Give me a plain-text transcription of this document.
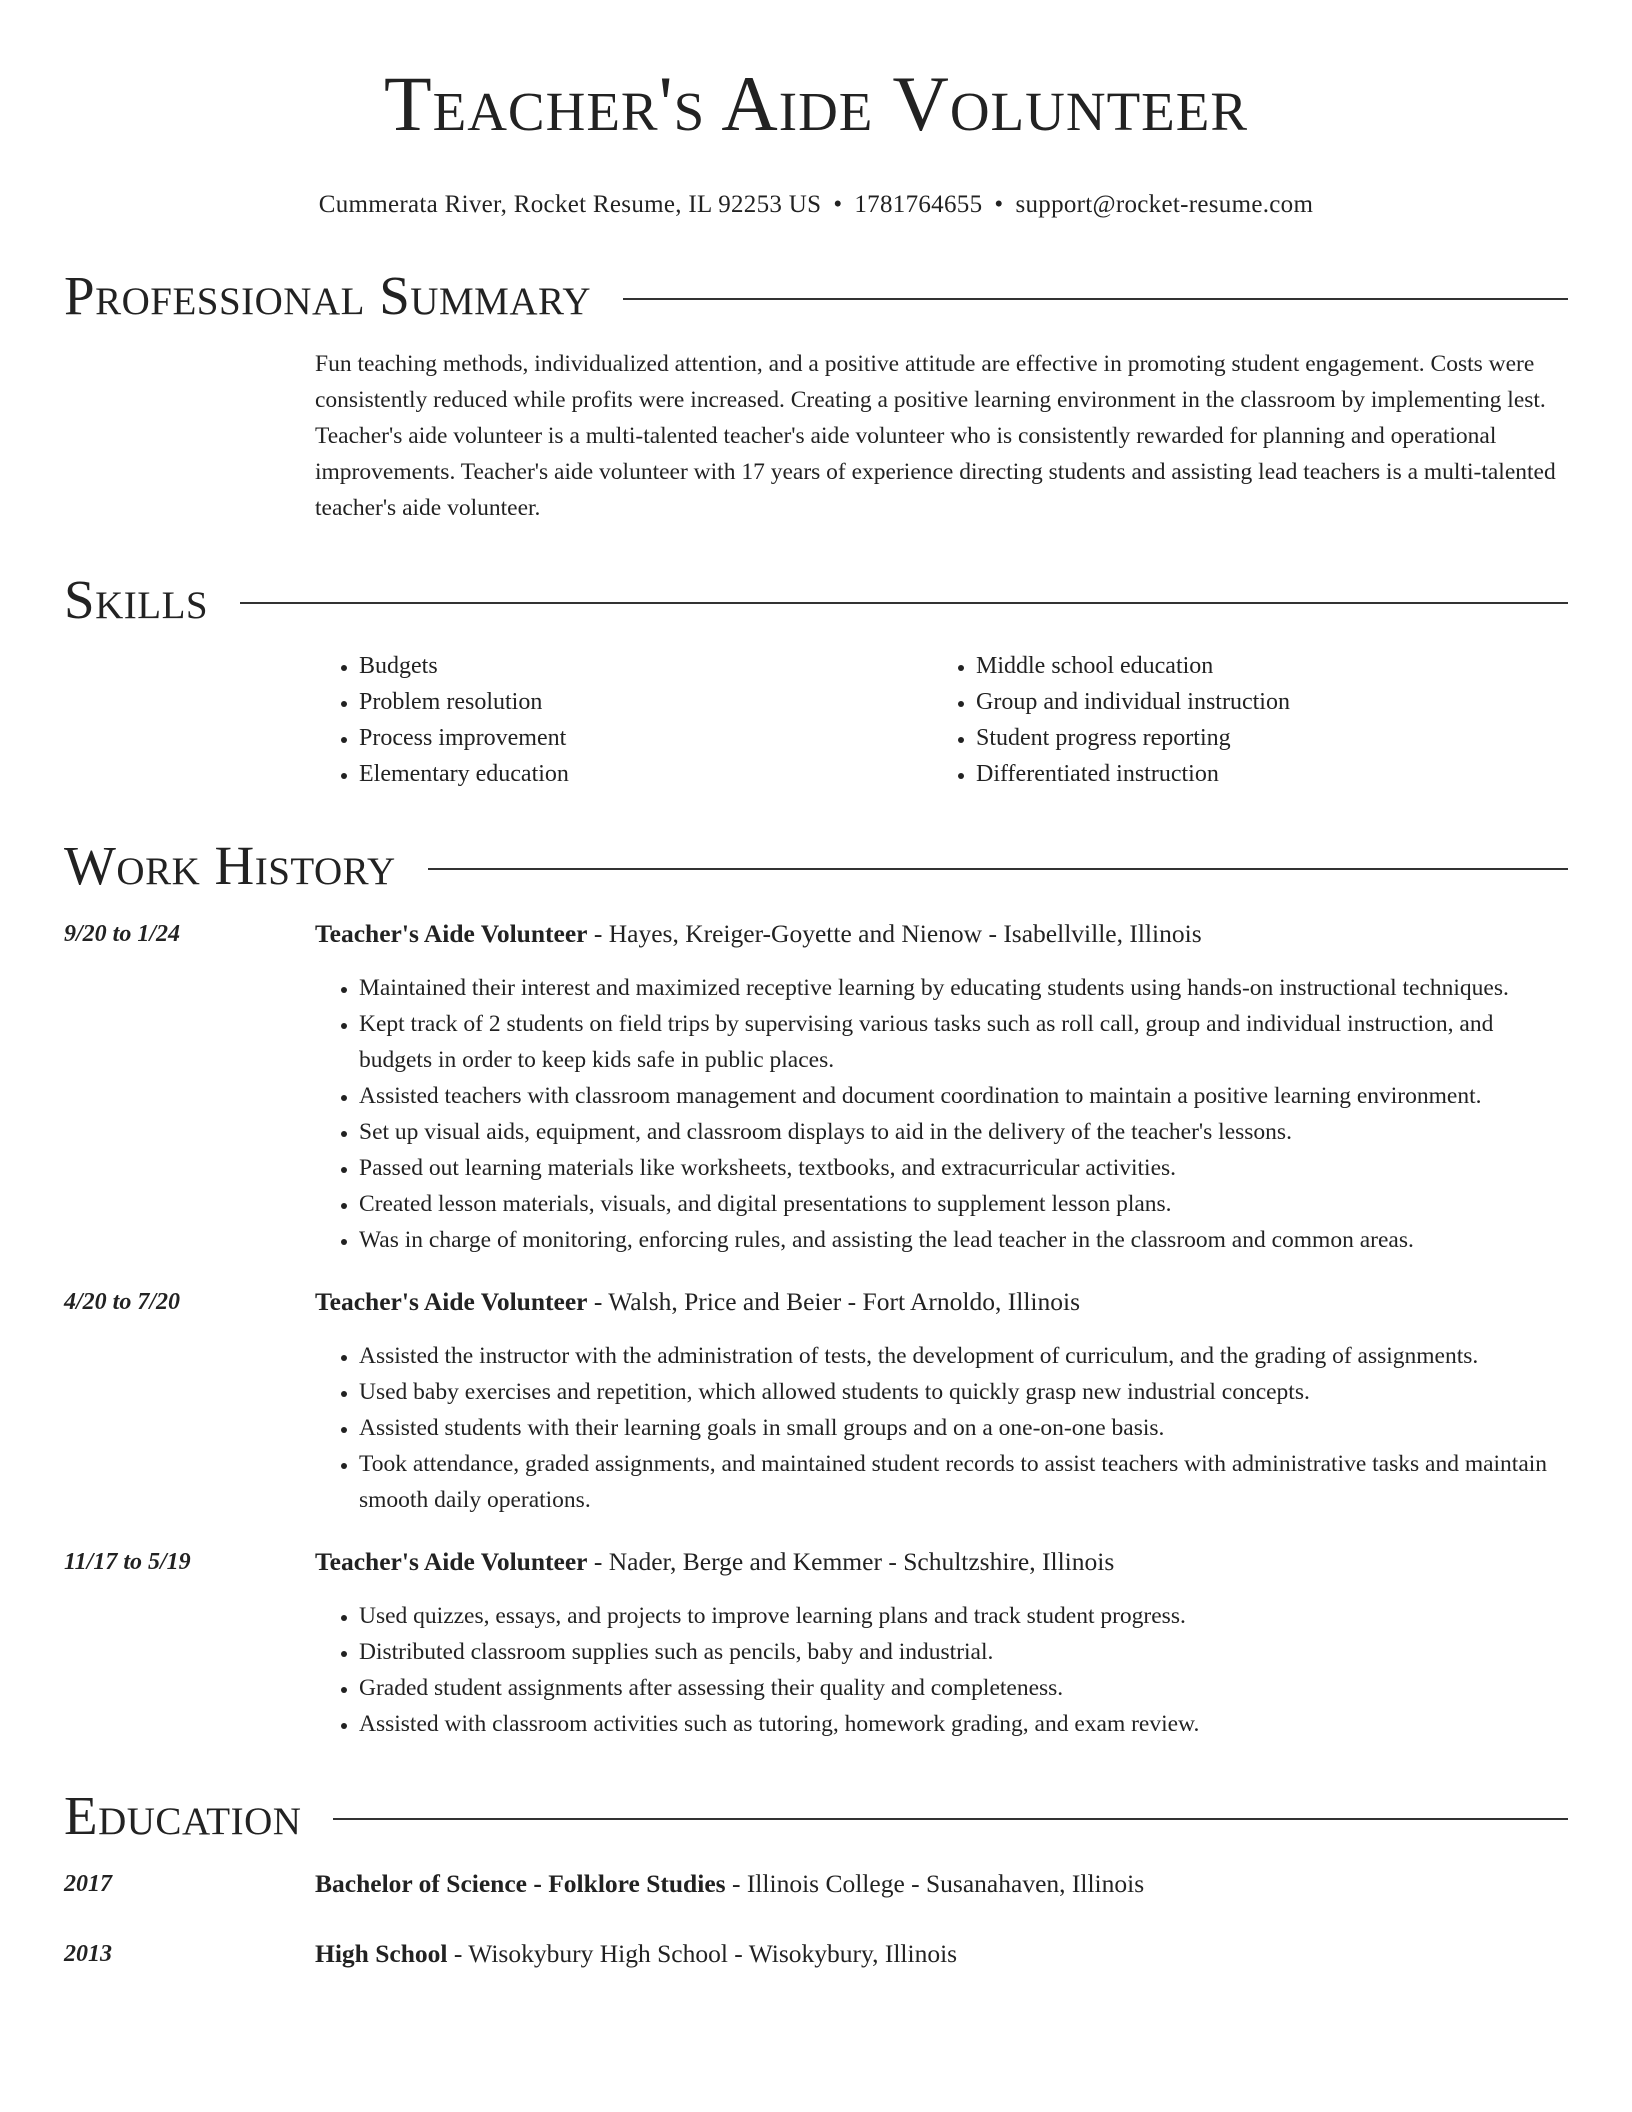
Teacher's Aide Volunteer
Cummerata River, Rocket Resume, IL 92253 US • 1781764655 • support@rocket-resume.com
Professional Summary
Fun teaching methods, individualized attention, and a positive attitude are effective in promoting student engagement. Costs were consistently reduced while profits were increased. Creating a positive learning environment in the classroom by implementing lest. Teacher's aide volunteer is a multi-talented teacher's aide volunteer who is consistently rewarded for planning and operational improvements. Teacher's aide volunteer with 17 years of experience directing students and assisting lead teachers is a multi-talented teacher's aide volunteer.
Skills
• Budgets
• Problem resolution
• Process improvement
• Elementary education
• Middle school education
• Group and individual instruction
• Student progress reporting
• Differentiated instruction
Work History
9/20 to 1/24	Teacher's Aide Volunteer - Hayes, Kreiger-Goyette and Nienow - Isabellville, Illinois
• Maintained their interest and maximized receptive learning by educating students using hands-on instructional techniques.
• Kept track of 2 students on field trips by supervising various tasks such as roll call, group and individual instruction, and budgets in order to keep kids safe in public places.
• Assisted teachers with classroom management and document coordination to maintain a positive learning environment.
• Set up visual aids, equipment, and classroom displays to aid in the delivery of the teacher's lessons.
• Passed out learning materials like worksheets, textbooks, and extracurricular activities.
• Created lesson materials, visuals, and digital presentations to supplement lesson plans.
• Was in charge of monitoring, enforcing rules, and assisting the lead teacher in the classroom and common areas.
4/20 to 7/20	Teacher's Aide Volunteer - Walsh, Price and Beier - Fort Arnoldo, Illinois
• Assisted the instructor with the administration of tests, the development of curriculum, and the grading of assignments.
• Used baby exercises and repetition, which allowed students to quickly grasp new industrial concepts.
• Assisted students with their learning goals in small groups and on a one-on-one basis.
• Took attendance, graded assignments, and maintained student records to assist teachers with administrative tasks and maintain smooth daily operations.
11/17 to 5/19	Teacher's Aide Volunteer - Nader, Berge and Kemmer - Schultzshire, Illinois
• Used quizzes, essays, and projects to improve learning plans and track student progress.
• Distributed classroom supplies such as pencils, baby and industrial.
• Graded student assignments after assessing their quality and completeness.
• Assisted with classroom activities such as tutoring, homework grading, and exam review.
Education
2017	Bachelor of Science - Folklore Studies - Illinois College - Susanahaven, Illinois
2013	High School - Wisokybury High School - Wisokybury, Illinois
